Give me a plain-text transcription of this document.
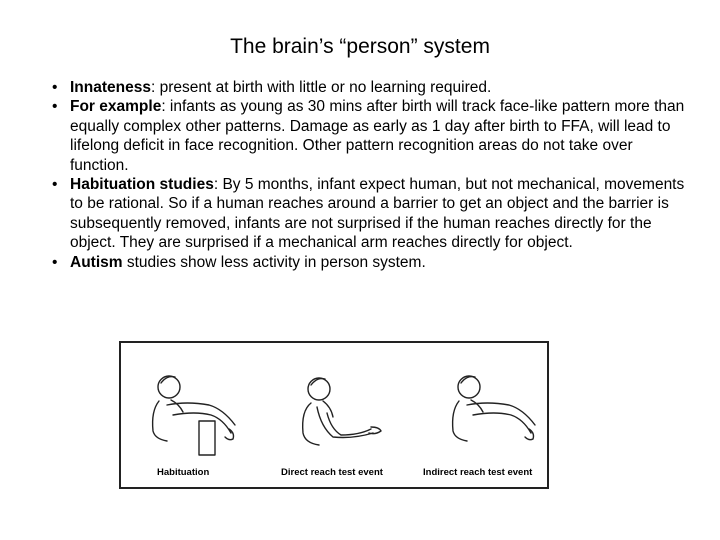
The brain’s “person” system
• Innateness: present at birth with little or no learning required.
• For example: infants as young as 30 mins after birth will track face-like pattern more than equally complex other patterns. Damage as early as 1 day after birth to FFA, will lead to lifelong deficit in face recognition. Other pattern recognition areas do not take over function.
• Habituation studies: By 5 months, infant expect human, but not mechanical, movements to be rational. So if a human reaches around a barrier to get an object and the barrier is subsequently removed, infants are not surprised if the human reaches directly for the object. They are surprised if a mechanical arm reaches directly for object.
• Autism studies show less activity in person system.
Habituation	Direct reach test event	Indirect reach test event
